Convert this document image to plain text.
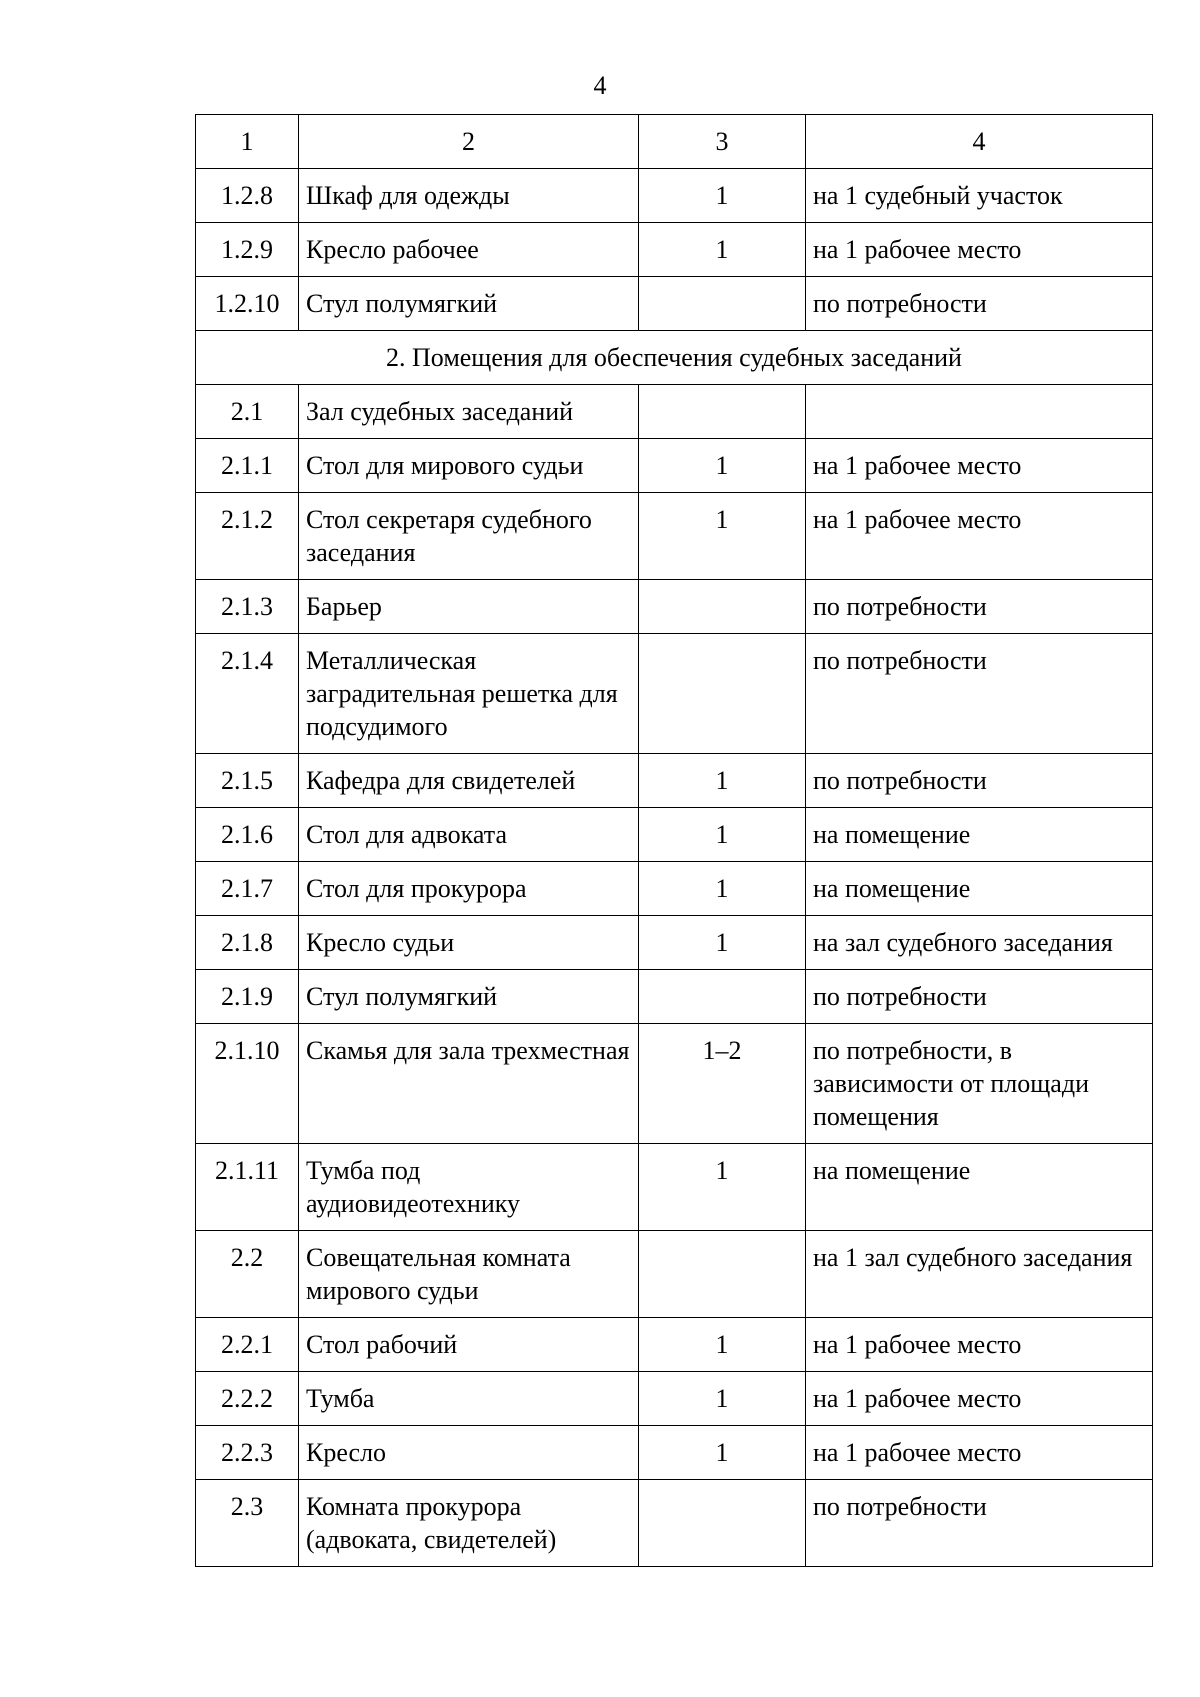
4
1	2	3	4
1.2.8	Шкаф для одежды	1	на 1 судебный участок
1.2.9	Кресло рабочее	1	на 1 рабочее место
1.2.10	Стул полумягкий		по потребности
2. Помещения для обеспечения судебных заседаний			
2.1	Зал судебных заседаний		
2.1.1	Стол для мирового судьи	1	на 1 рабочее место
2.1.2	Стол секретаря судебного заседания	1	на 1 рабочее место
2.1.3	Барьер		по потребности
2.1.4	Металлическая заградительная решетка для подсудимого		по потребности
2.1.5	Кафедра для свидетелей	1	по потребности
2.1.6	Стол для адвоката	1	на помещение
2.1.7	Стол для прокурора	1	на помещение
2.1.8	Кресло судьи	1	на зал судебного заседания
2.1.9	Стул полумягкий		по потребности
2.1.10	Скамья для зала трехместная	1–2	по потребности, в зависимости от площади помещения
2.1.11	Тумба под аудиовидеотехнику	1	на помещение
2.2	Совещательная комната мирового судьи		на 1 зал судебного заседания
2.2.1	Стол рабочий	1	на 1 рабочее место
2.2.2	Тумба	1	на 1 рабочее место
2.2.3	Кресло	1	на 1 рабочее место
2.3	Комната прокурора (адвоката, свидетелей)		по потребности
